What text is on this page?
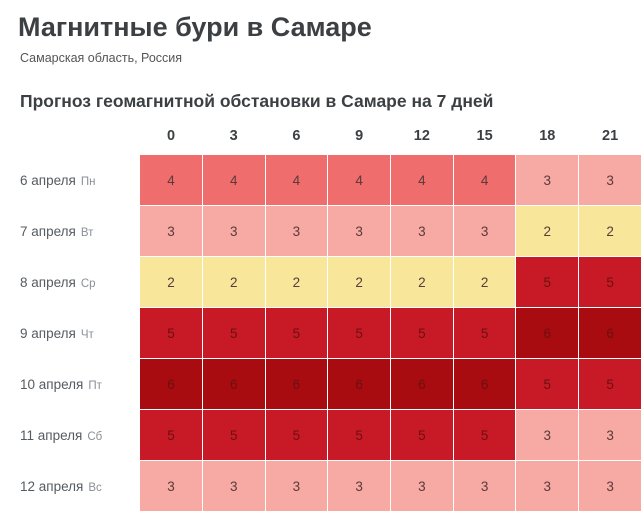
Магнитные бури в Самаре
Самарская область, Россия
Прогноз геомагнитной обстановки в Самаре на 7 дней
	0	3	6	9	12	15	18	21
6 апреля Пн	4	4	4	4	4	4	3	3
7 апреля Вт	3	3	3	3	3	3	2	2
8 апреля Ср	2	2	2	2	2	2	5	5
9 апреля Чт	5	5	5	5	5	5	6	6
10 апреля Пт	6	6	6	6	6	6	5	5
11 апреля Сб	5	5	5	5	5	5	3	3
12 апреля Вс	3	3	3	3	3	3	3	3
